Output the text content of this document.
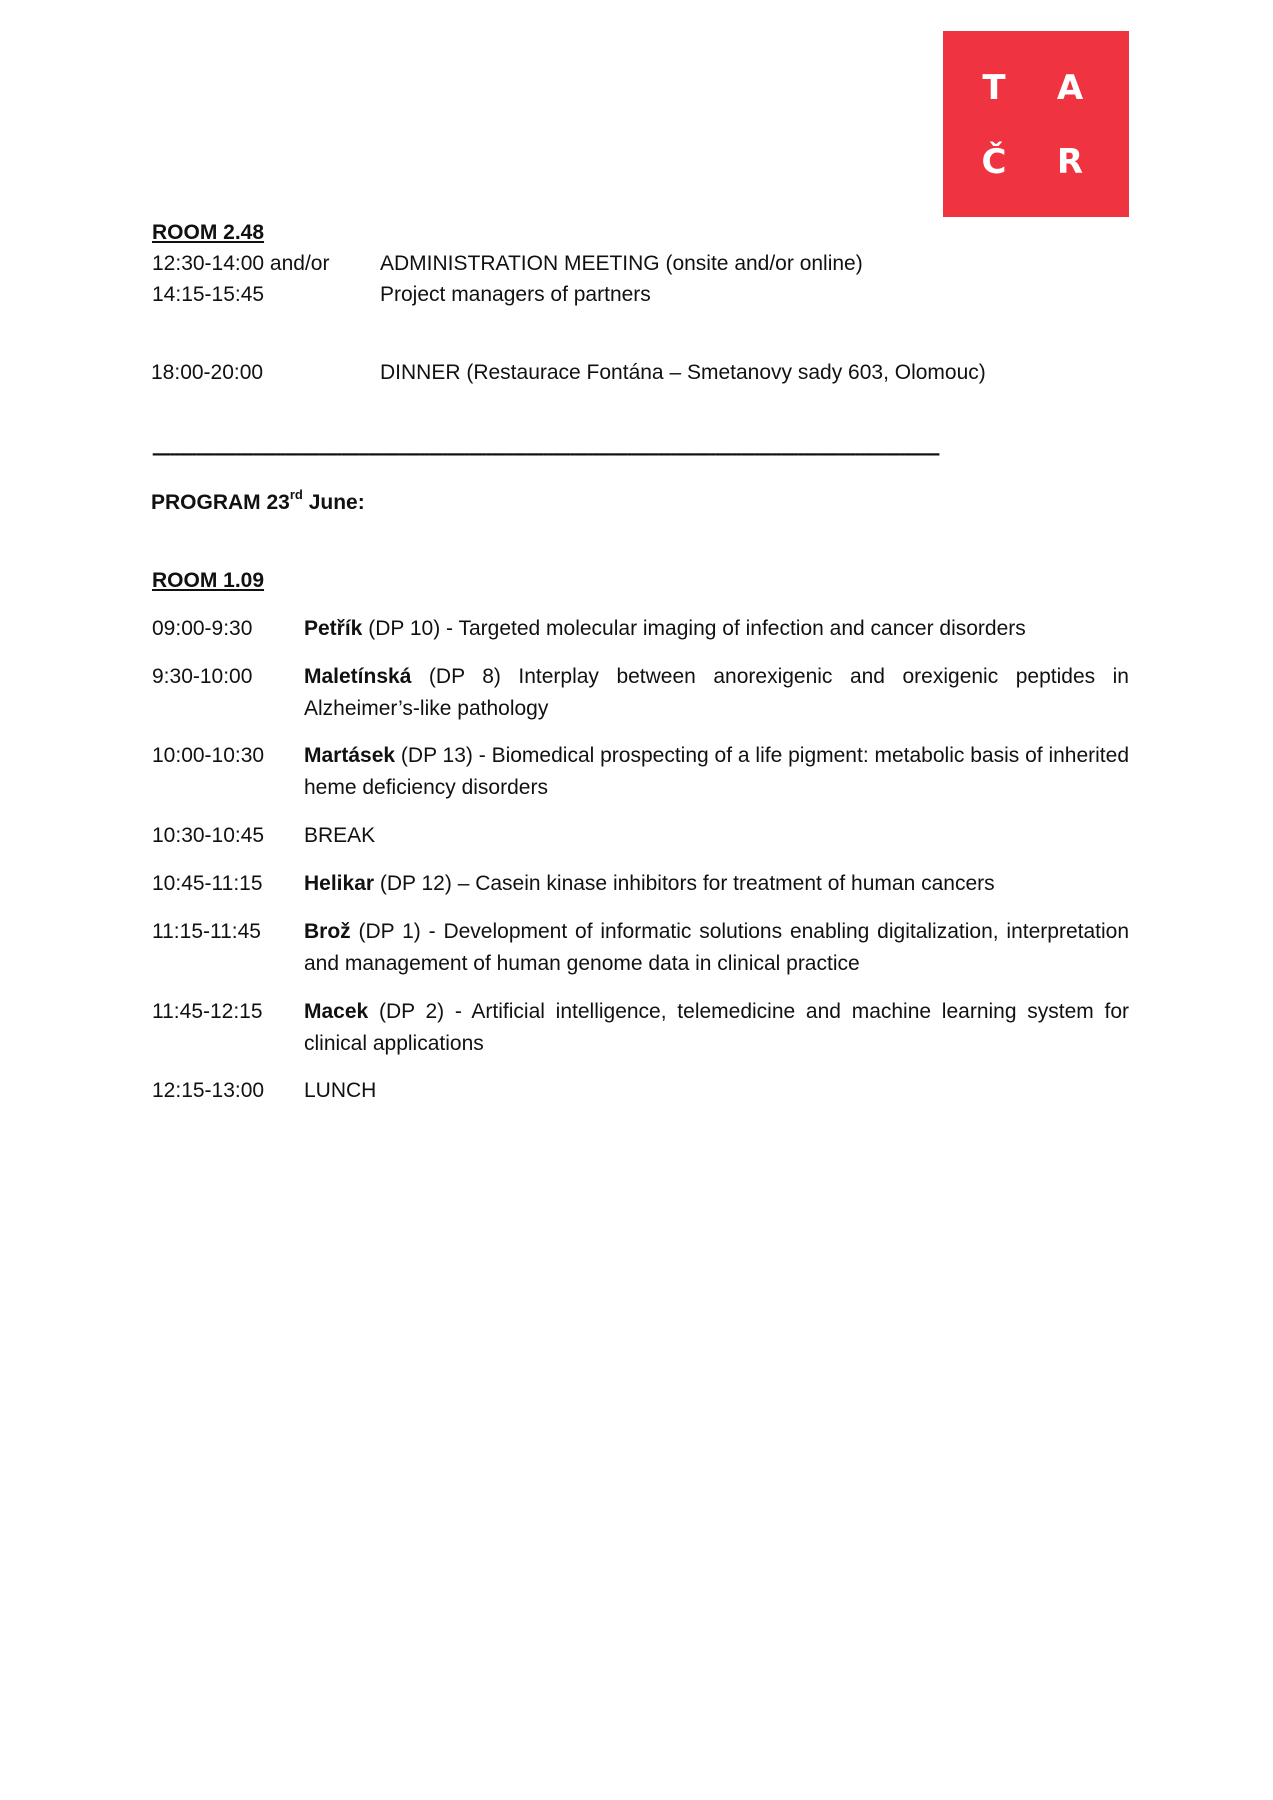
T A
Č R
ROOM 2.48
12:30-14:00 and/or ADMINISTRATION MEETING (onsite and/or online)
14:15-15:45	Project managers of partners
18:00-20:00	DINNER (Restaurace Fontána – Smetanovy sady 603, Olomouc)
-----------------------------------------------------------------------------------------------------------------------------------------------------------------------------------
PROGRAM 23rd June:
ROOM 1.09
09:00-9:30	Petřík (DP 10) - Targeted molecular imaging of infection and cancer disorders
9:30-10:00	Maletínská (DP 8) Interplay between anorexigenic and orexigenic peptides in Alzheimer’s-like pathology
10:00-10:30	Martásek (DP 13) - Biomedical prospecting of a life pigment: metabolic basis of inherited heme deficiency disorders
10:30-10:45	BREAK
10:45-11:15	Helikar (DP 12) – Casein kinase inhibitors for treatment of human cancers
11:15-11:45	Brož (DP 1) - Development of informatic solutions enabling digitalization, interpretation and management of human genome data in clinical practice
11:45-12:15	Macek (DP 2) - Artificial intelligence, telemedicine and machine learning system for clinical applications
12:15-13:00	LUNCH
